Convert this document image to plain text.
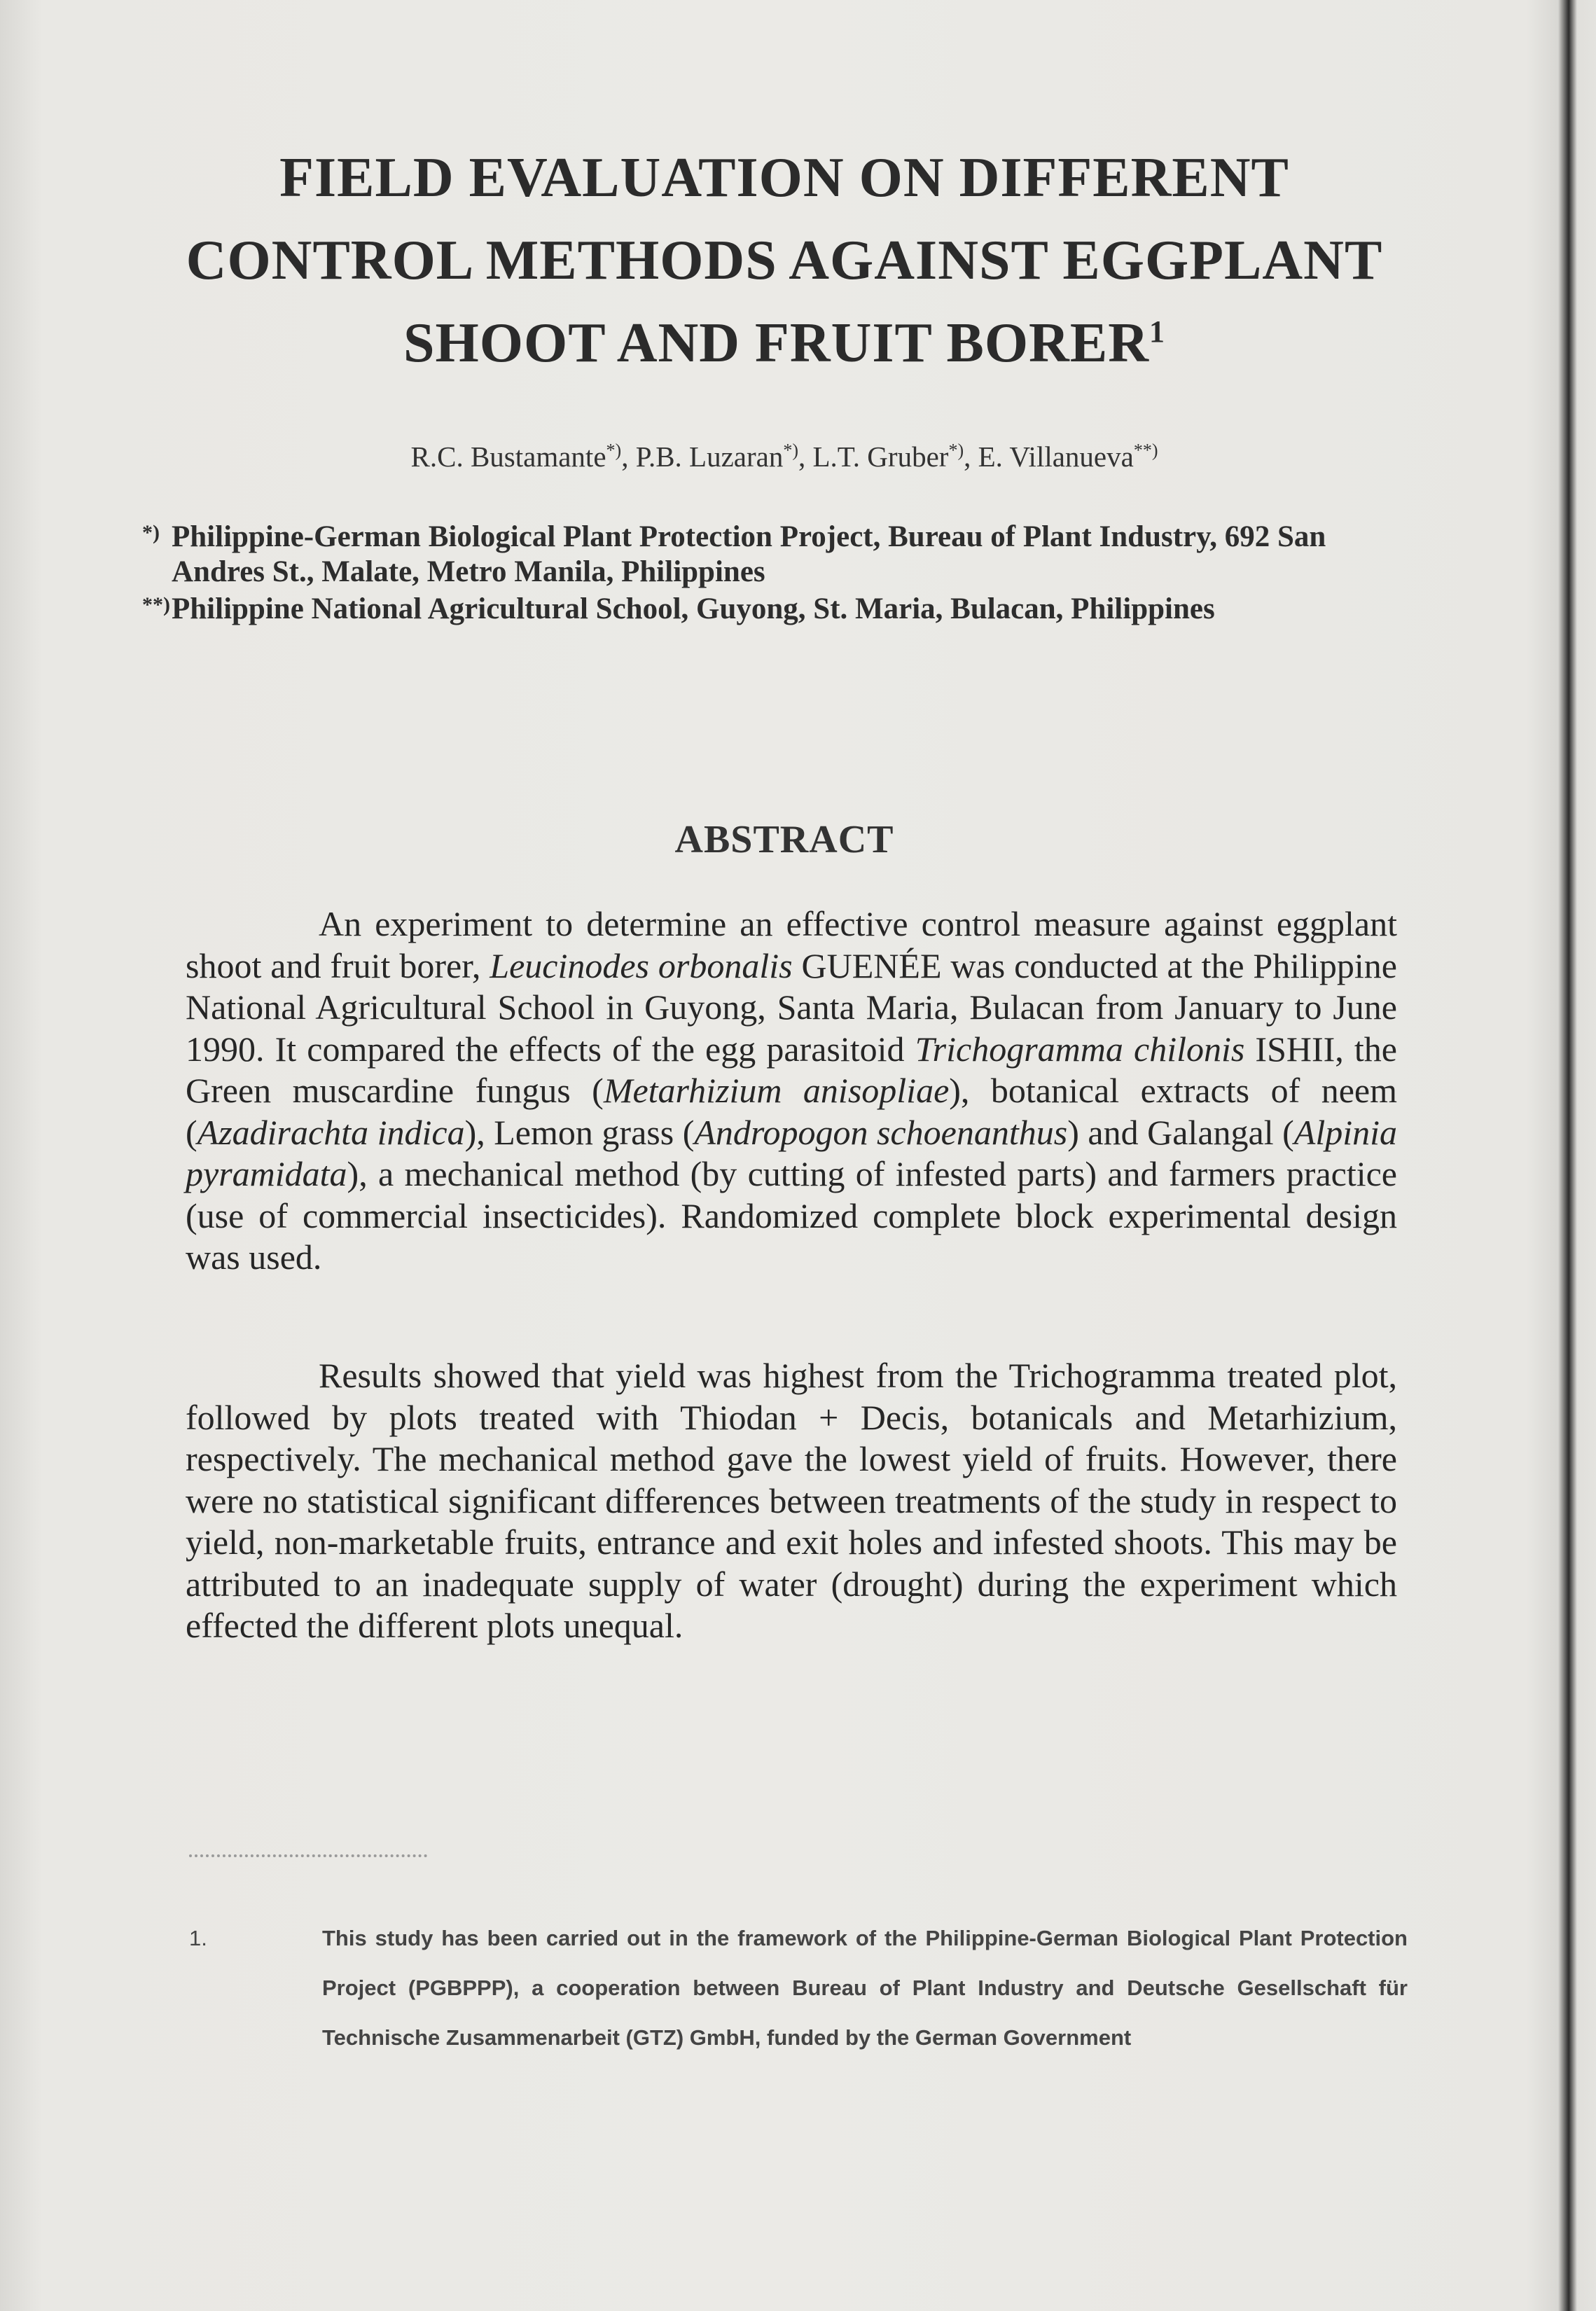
FIELD EVALUATION ON DIFFERENT
CONTROL METHODS AGAINST EGGPLANT
SHOOT AND FRUIT BORER$^1$
R.C. Bustamante*), P.B. Luzaran*), L.T. Gruber*), E. Villanueva**)
*) Philippine-German Biological Plant Protection Project, Bureau of Plant Industry, 692 San Andres St., Malate, Metro Manila, Philippines
**) Philippine National Agricultural School, Guyong, St. Maria, Bulacan, Philippines
ABSTRACT

An experiment to determine an effective control measure against eggplant shoot and fruit borer, Leucinodes orbonalis GUENÉE was conducted at the Philippine National Agricultural School in Guyong, Santa Maria, Bulacan from January to June 1990. It compared the effects of the egg parasitoid Trichogramma chilonis ISHII, the Green muscardine fungus (Metarhizium anisopliae), botanical extracts of neem (Azadirachta indica), Lemon grass (Andropogon schoenanthus) and Galangal (Alpinia pyramidata), a mechanical method (by cutting of infested parts) and farmers practice (use of commercial insecticides). Randomized complete block experimental design was used.

Results showed that yield was highest from the Trichogramma treated plot, followed by plots treated with Thiodan + Decis, botanicals and Metarhizium, respectively. The mechanical method gave the lowest yield of fruits. However, there were no statistical significant differences between treatments of the study in respect to yield, non-marketable fruits, entrance and exit holes and infested shoots. This may be attributed to an inadequate supply of water (drought) during the experiment which effected the different plots unequal.

1.	This study has been carried out in the framework of the Philippine-German Biological Plant Protection Project (PGBPPP), a cooperation between Bureau of Plant Industry and Deutsche Gesellschaft für Technische Zusammenarbeit (GTZ) GmbH, funded by the German Government
